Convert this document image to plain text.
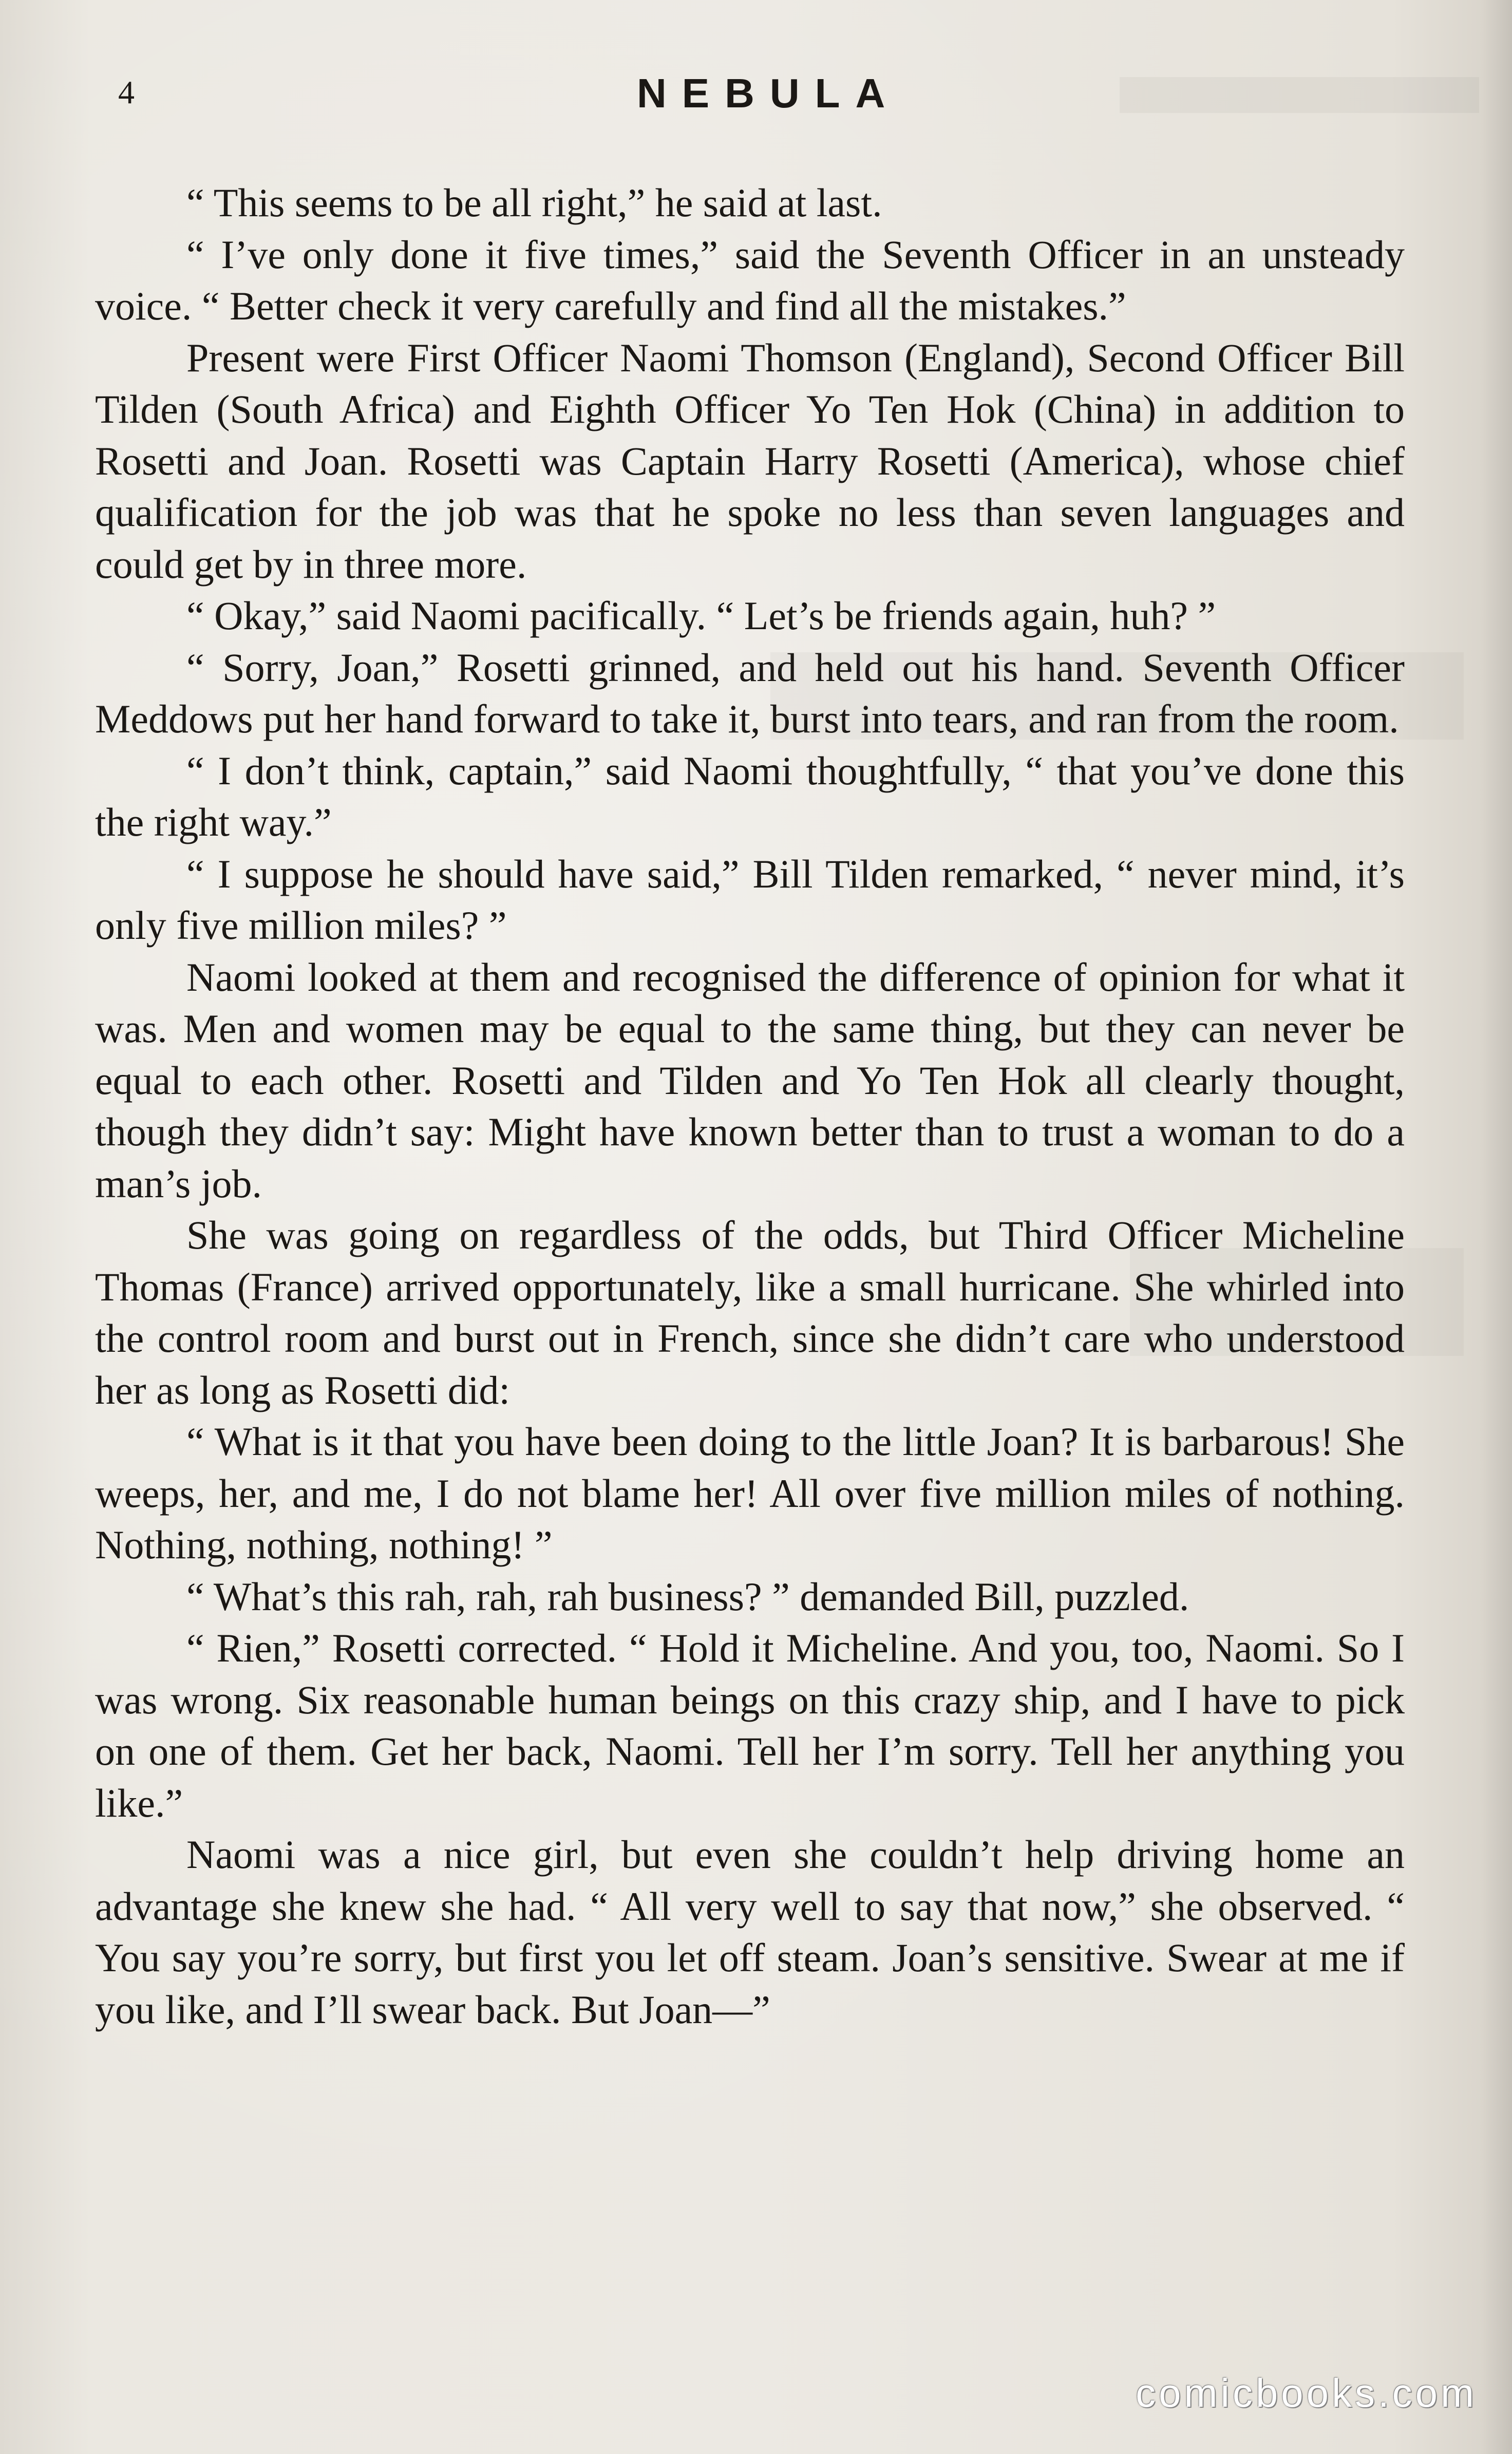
4	NEBULA

“ This seems to be all right,” he said at last.

“ I’ve only done it five times,” said the Seventh Officer in an unsteady voice. “ Better check it very carefully and find all the mistakes.”

Present were First Officer Naomi Thomson (England), Second Officer Bill Tilden (South Africa) and Eighth Officer Yo Ten Hok (China) in addition to Rosetti and Joan. Rosetti was Captain Harry Rosetti (America), whose chief qualification for the job was that he spoke no less than seven languages and could get by in three more.

“ Okay,” said Naomi pacifically. “ Let’s be friends again, huh? ”

“ Sorry, Joan,” Rosetti grinned, and held out his hand. Seventh Officer Meddows put her hand forward to take it, burst into tears, and ran from the room.

“ I don’t think, captain,” said Naomi thoughtfully, “ that you’ve done this the right way.”

“ I suppose he should have said,” Bill Tilden remarked, “ never mind, it’s only five million miles? ”

Naomi looked at them and recognised the difference of opinion for what it was. Men and women may be equal to the same thing, but they can never be equal to each other. Rosetti and Tilden and Yo Ten Hok all clearly thought, though they didn’t say: Might have known better than to trust a woman to do a man’s job.

She was going on regardless of the odds, but Third Officer Micheline Thomas (France) arrived opportunately, like a small hurricane. She whirled into the control room and burst out in French, since she didn’t care who understood her as long as Rosetti did:

“ What is it that you have been doing to the little Joan? It is barbarous! She weeps, her, and me, I do not blame her! All over five million miles of nothing. Nothing, nothing, nothing! ”

“ What’s this rah, rah, rah business? ” demanded Bill, puzzled.

“ Rien,” Rosetti corrected. “ Hold it Micheline. And you, too, Naomi. So I was wrong. Six reasonable human beings on this crazy ship, and I have to pick on one of them. Get her back, Naomi. Tell her I’m sorry. Tell her anything you like.”

Naomi was a nice girl, but even she couldn’t help driving home an advantage she knew she had. “ All very well to say that now,” she observed. “ You say you’re sorry, but first you let off steam. Joan’s sensitive. Swear at me if you like, and I’ll swear back. But Joan—”

comicbooks.com
